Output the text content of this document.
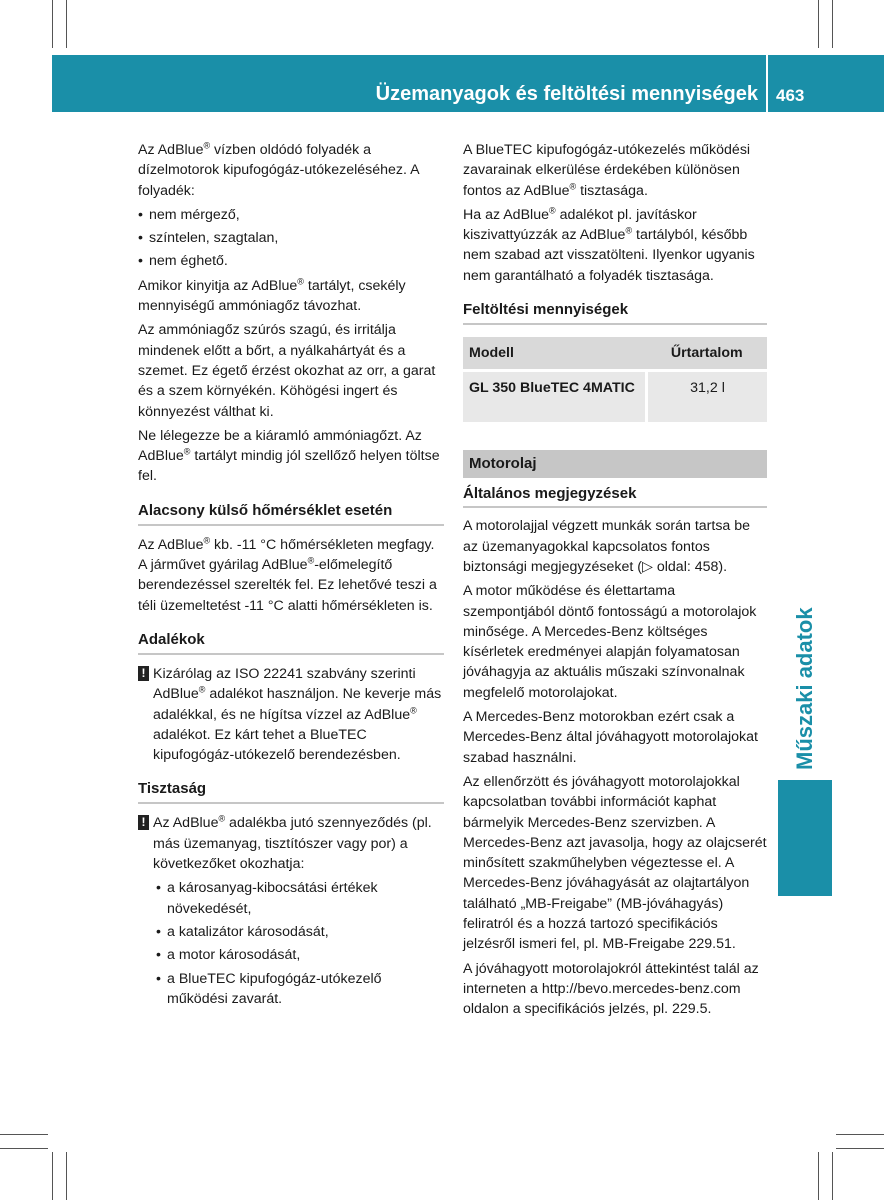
Üzemanyagok és feltöltési mennyiségek 463
Műszaki adatok

Az AdBlue® vízben oldódó folyadék a dízelmotorok kipufogógáz-utókezeléséhez. A folyadék:

• nem mérgező,
• színtelen, szagtalan,
• nem éghető.

Amikor kinyitja az AdBlue® tartályt, csekély mennyiségű ammóniagőz távozhat.

Az ammóniagőz szúrós szagú, és irritálja mindenek előtt a bőrt, a nyálkahártyát és a szemet. Ez égető érzést okozhat az orr, a garat és a szem környékén. Köhögési ingert és könnyezést válthat ki.

Ne lélegezze be a kiáramló ammóniagőzt. Az AdBlue® tartályt mindig jól szellőző helyen töltse fel.

Alacsony külső hőmérséklet esetén

Az AdBlue® kb. -11 °C hőmérsékleten megfagy. A járművet gyárilag AdBlue®-előmelegítő berendezéssel szerelték fel. Ez lehetővé teszi a téli üzemeltetést -11 °C alatti hőmérsékleten is.

Adalékok
! Kizárólag az ISO 22241 szabvány szerinti AdBlue® adalékot használjon. Ne keverje más adalékkal, és ne hígítsa vízzel az AdBlue® adalékot. Ez kárt tehet a BlueTEC kipufogógáz-utókezelő berendezésben.
Tisztaság
! Az AdBlue® adalékba jutó szennyeződés (pl. más üzemanyag, tisztítószer vagy por) a következőket okozhatja:
• a károsanyag-kibocsátási értékek növekedését,
• a katalizátor károsodását,
• a motor károsodását,
• a BlueTEC kipufogógáz-utókezelő működési zavarát.

A BlueTEC kipufogógáz-utókezelés működési zavarainak elkerülése érdekében különösen fontos az AdBlue® tisztasága.

Ha az AdBlue® adalékot pl. javításkor kiszivattyúzzák az AdBlue® tartályból, később nem szabad azt visszatölteni. Ilyenkor ugyanis nem garantálható a folyadék tisztasága.

Feltöltési mennyiségek
Modell	Űrtartalom
GL 350 BlueTEC 4MATIC	31,2 l
Motorolaj
Általános megjegyzések

A motorolajjal végzett munkák során tartsa be az üzemanyagokkal kapcsolatos fontos biztonsági megjegyzéseket (▷ oldal: 458).

A motor működése és élettartama szempontjából döntő fontosságú a motorolajok minősége. A Mercedes-Benz költséges kísérletek eredményei alapján folyamatosan jóváhagyja az aktuális műszaki színvonalnak megfelelő motorolajokat.

A Mercedes-Benz motorokban ezért csak a Mercedes-Benz által jóváhagyott motorolajokat szabad használni.

Az ellenőrzött és jóváhagyott motorolajokkal kapcsolatban további információt kaphat bármelyik Mercedes-Benz szervizben. A Mercedes-Benz azt javasolja, hogy az olajcserét minősített szakműhelyben végeztesse el. A Mercedes-Benz jóváhagyását az olajtartályon található „MB-Freigabe” (MB-jóváhagyás) feliratról és a hozzá tartozó specifikációs jelzésről ismeri fel, pl. MB-Freigabe 229.51.

A jóváhagyott motorolajokról áttekintést talál az interneten a http://bevo.mercedes-benz.com oldalon a specifikációs jelzés, pl. 229.5.
